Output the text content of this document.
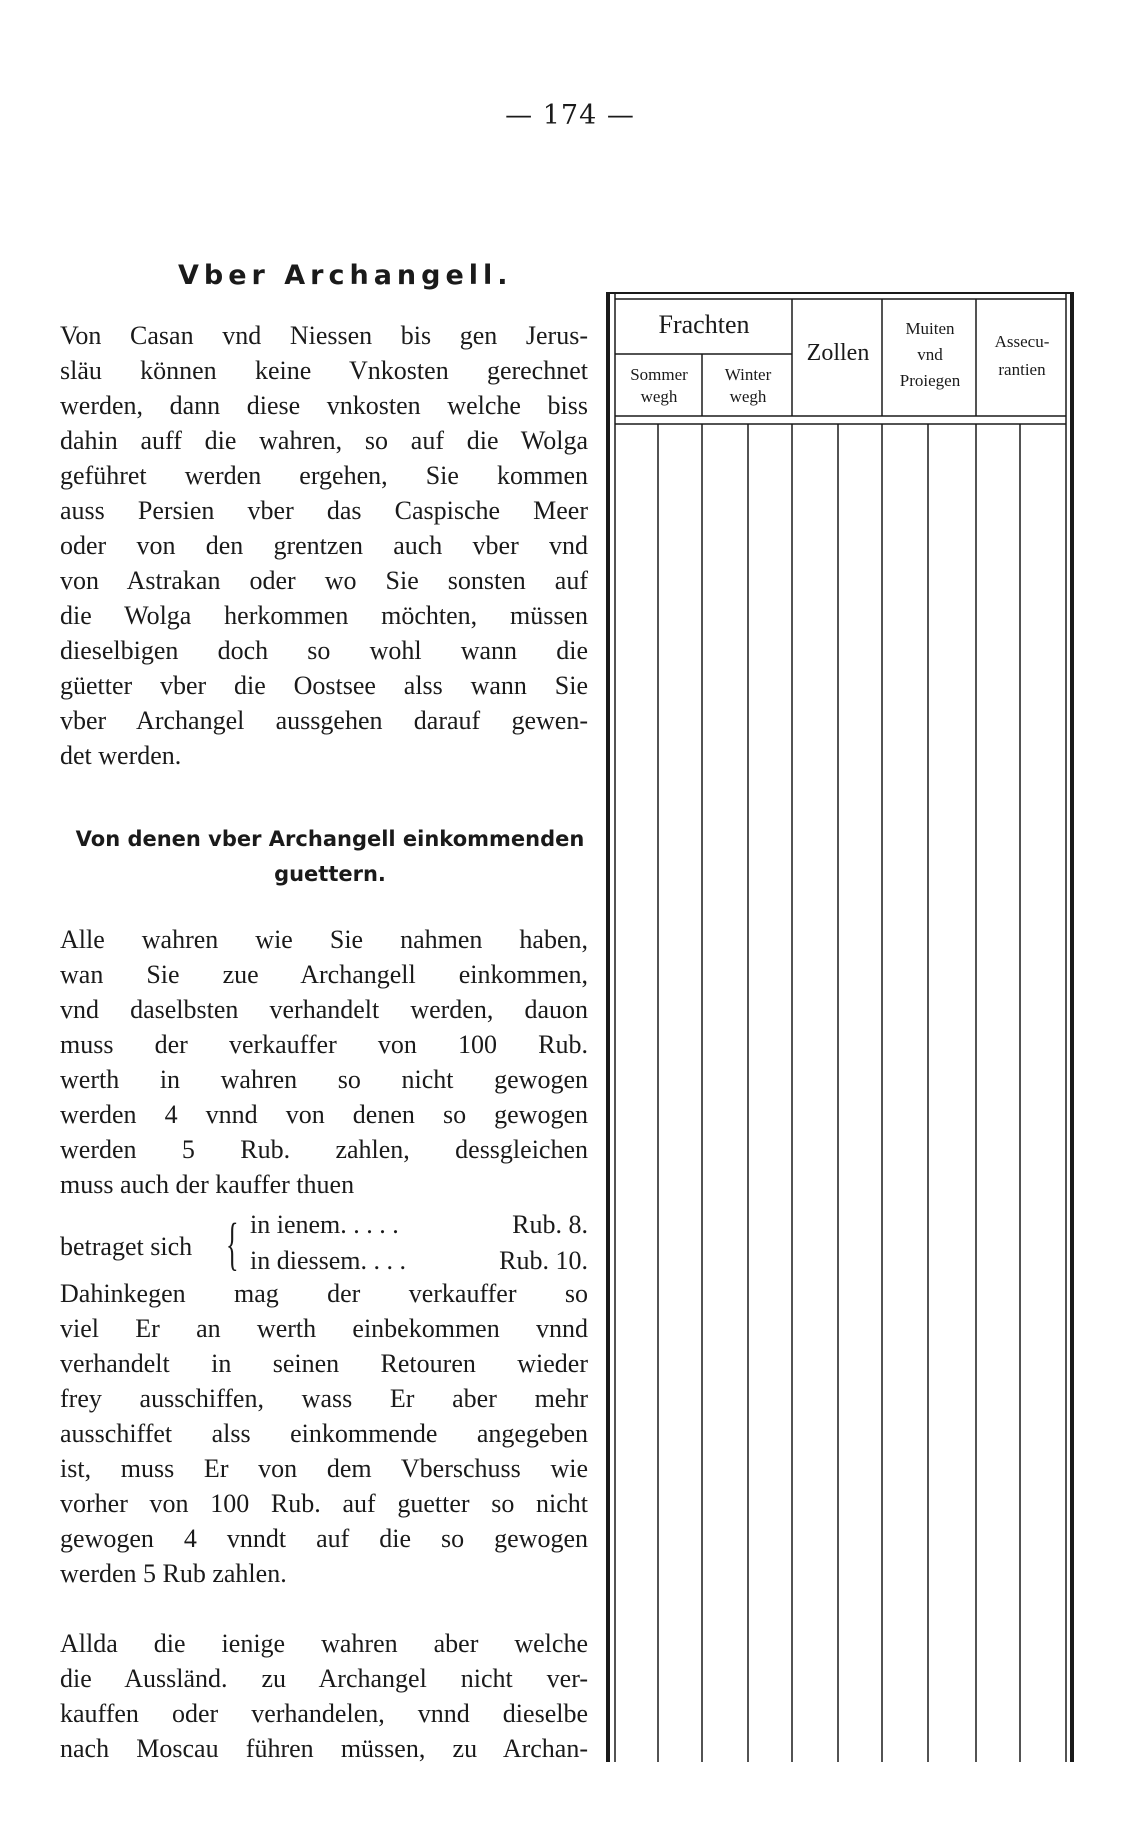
— 174 —
Vber Archangell.
Von Casan vnd Niessen bis gen Jerus-
släu können keine Vnkosten gerechnet
werden, dann diese vnkosten welche biss
dahin auff die wahren, so auf die Wolga
geführet werden ergehen, Sie kommen
auss Persien vber das Caspische Meer
oder von den grentzen auch vber vnd
von Astrakan oder wo Sie sonsten auf
die Wolga herkommen möchten, müssen
dieselbigen doch so wohl wann die
güetter vber die Oostsee alss wann Sie
vber Archangel aussgehen darauf gewen-
det werden.
Von denen vber Archangell einkommenden
guettern.
Alle wahren wie Sie nahmen haben,
wan Sie zue Archangell einkommen,
vnd daselbsten verhandelt werden, dauon
muss der verkauffer von 100 Rub.
werth in wahren so nicht gewogen
werden 4 vnnd von denen so gewogen
werden 5 Rub. zahlen, dessgleichen
muss auch der kauffer thuen
betraget sich { in ienem. . . . .	Rub. 8.
in diessem. . . .	Rub. 10.
Dahinkegen mag der verkauffer so
viel Er an werth einbekommen vnnd
verhandelt in seinen Retouren wieder
frey ausschiffen, wass Er aber mehr
ausschiffet alss einkommende angegeben
ist, muss Er von dem Vberschuss wie
vorher von 100 Rub. auf guetter so nicht
gewogen 4 vnndt auf die so gewogen
werden 5 Rub zahlen.
Allda die ienige wahren aber welche
die Aussländ. zu Archangel nicht ver-
kauffen oder verhandelen, vnnd dieselbe
nach Moscau führen müssen, zu Archan-
Frachten
Sommer
wegh
Winter
wegh
Zollen
Muiten
vnd
Proiegen
Assecu-
rantien
